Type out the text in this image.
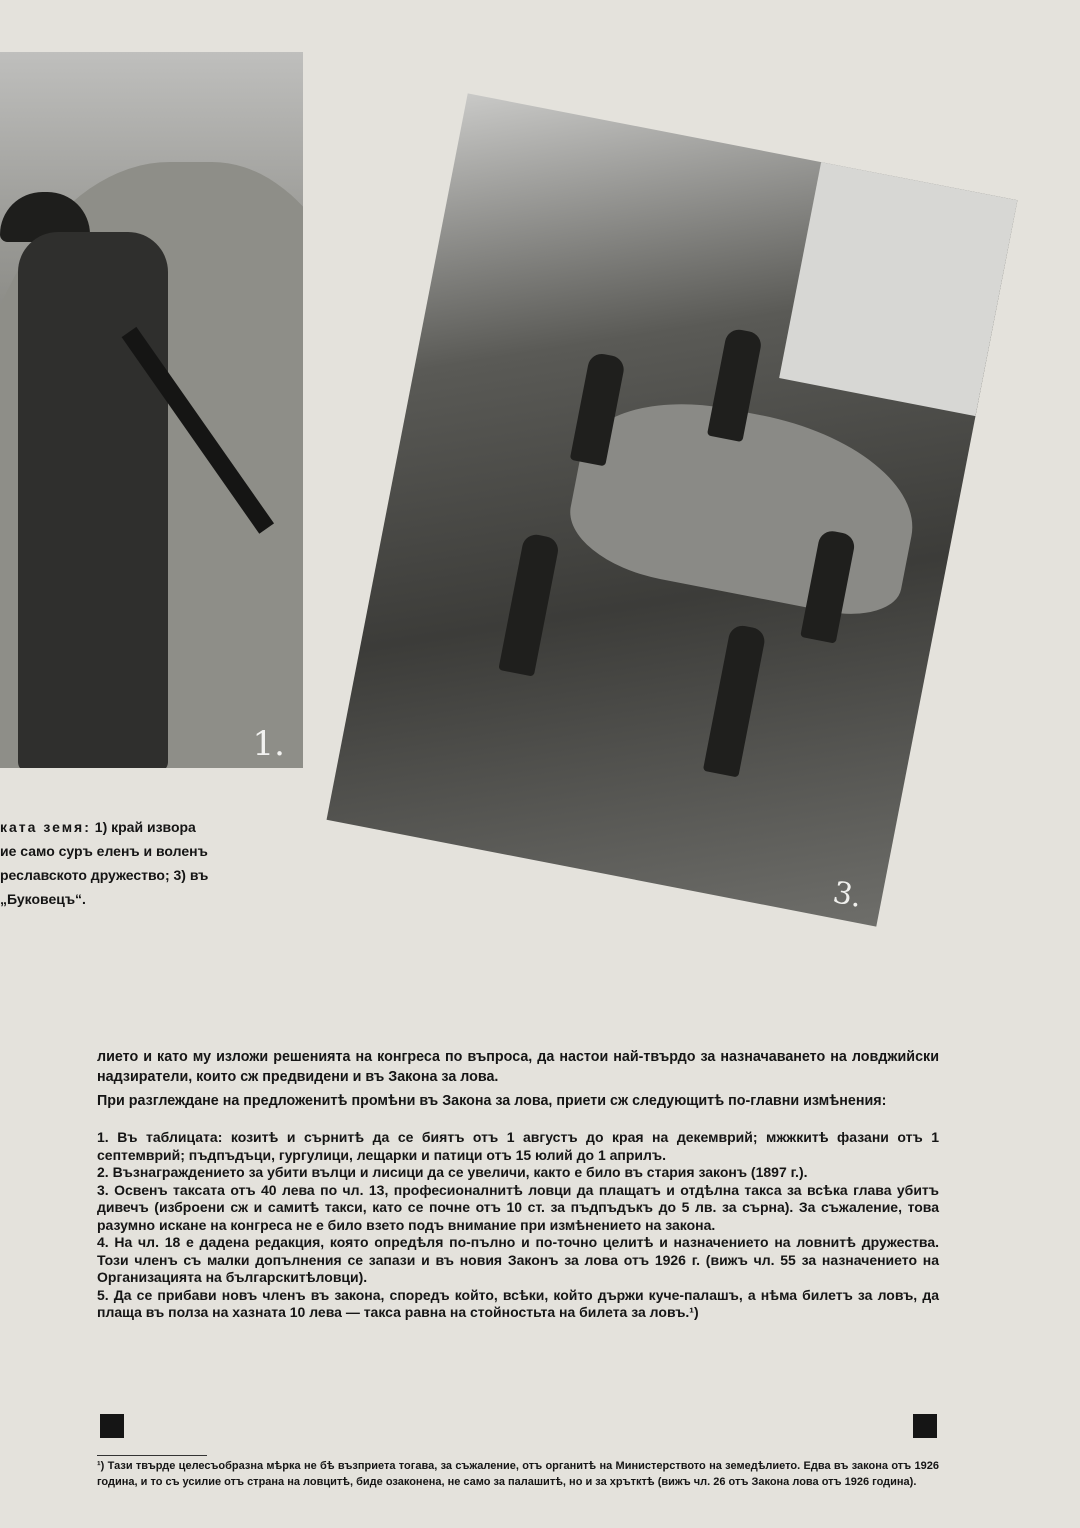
1.
3.
ката земя: 1) край извора
ие само суръ еленъ и воленъ
реславското дружество; 3) въ
„Буковецъ“.

лието и като му изложи решенията на конгреса по въпроса, да настои най-твърдо за назначаването на ловджийски надзиратели, които сж предвидени и въ Закона за лова.

При разглеждане на предложенитѣ промѣни въ Закона за лова, приети сж следующитѣ по-главни измѣнения:

1. Въ таблицата: козитѣ и сърнитѣ да се биятъ отъ 1 августъ до края на декемврий; мжжкитѣ фазани отъ 1 септемврий; пъдпъдъци, гургулици, лещарки и патици отъ 15 юлий до 1 априлъ.

2. Възнаграждението за убити вълци и лисици да се увеличи, както е било въ стария законъ (1897 г.).

3. Освенъ таксата отъ 40 лева по чл. 13, професионалнитѣ ловци да плащатъ и отдѣлна такса за всѣка глава убитъ дивечъ (изброени сж и самитѣ такси, като се почне отъ 10 ст. за пъдпъдъкъ до 5 лв. за сърна). За съжаление, това разумно искане на конгреса не е било взето подъ внимание при измѣнението на закона.

4. На чл. 18 е дадена редакция, която опредѣля по-пълно и по-точно целитѣ и назначението на ловнитѣ дружества. Този членъ съ малки допълнения се запази и въ новия Законъ за лова отъ 1926 г. (вижъ чл. 55 за назначението на Организацията на българскитѣловци).

5. Да се прибави новъ членъ въ закона, споредъ който, всѣки, който държи куче-палашъ, а нѣма билетъ за ловъ, да плаща въ полза на хазната 10 лева — такса равна на стойностьта на билета за ловъ.¹)

¹) Тази твърде целесъобразна мѣрка не бѣ възприета тогава, за съжаление, отъ органитѣ на Министерството на земедѣлието. Едва въ закона отъ 1926 година, и то съ усилие отъ страна на ловцитѣ, биде озаконена, не само за палашитѣ, но и за хрътктѣ (вижъ чл. 26 отъ Закона лова отъ 1926 година).
